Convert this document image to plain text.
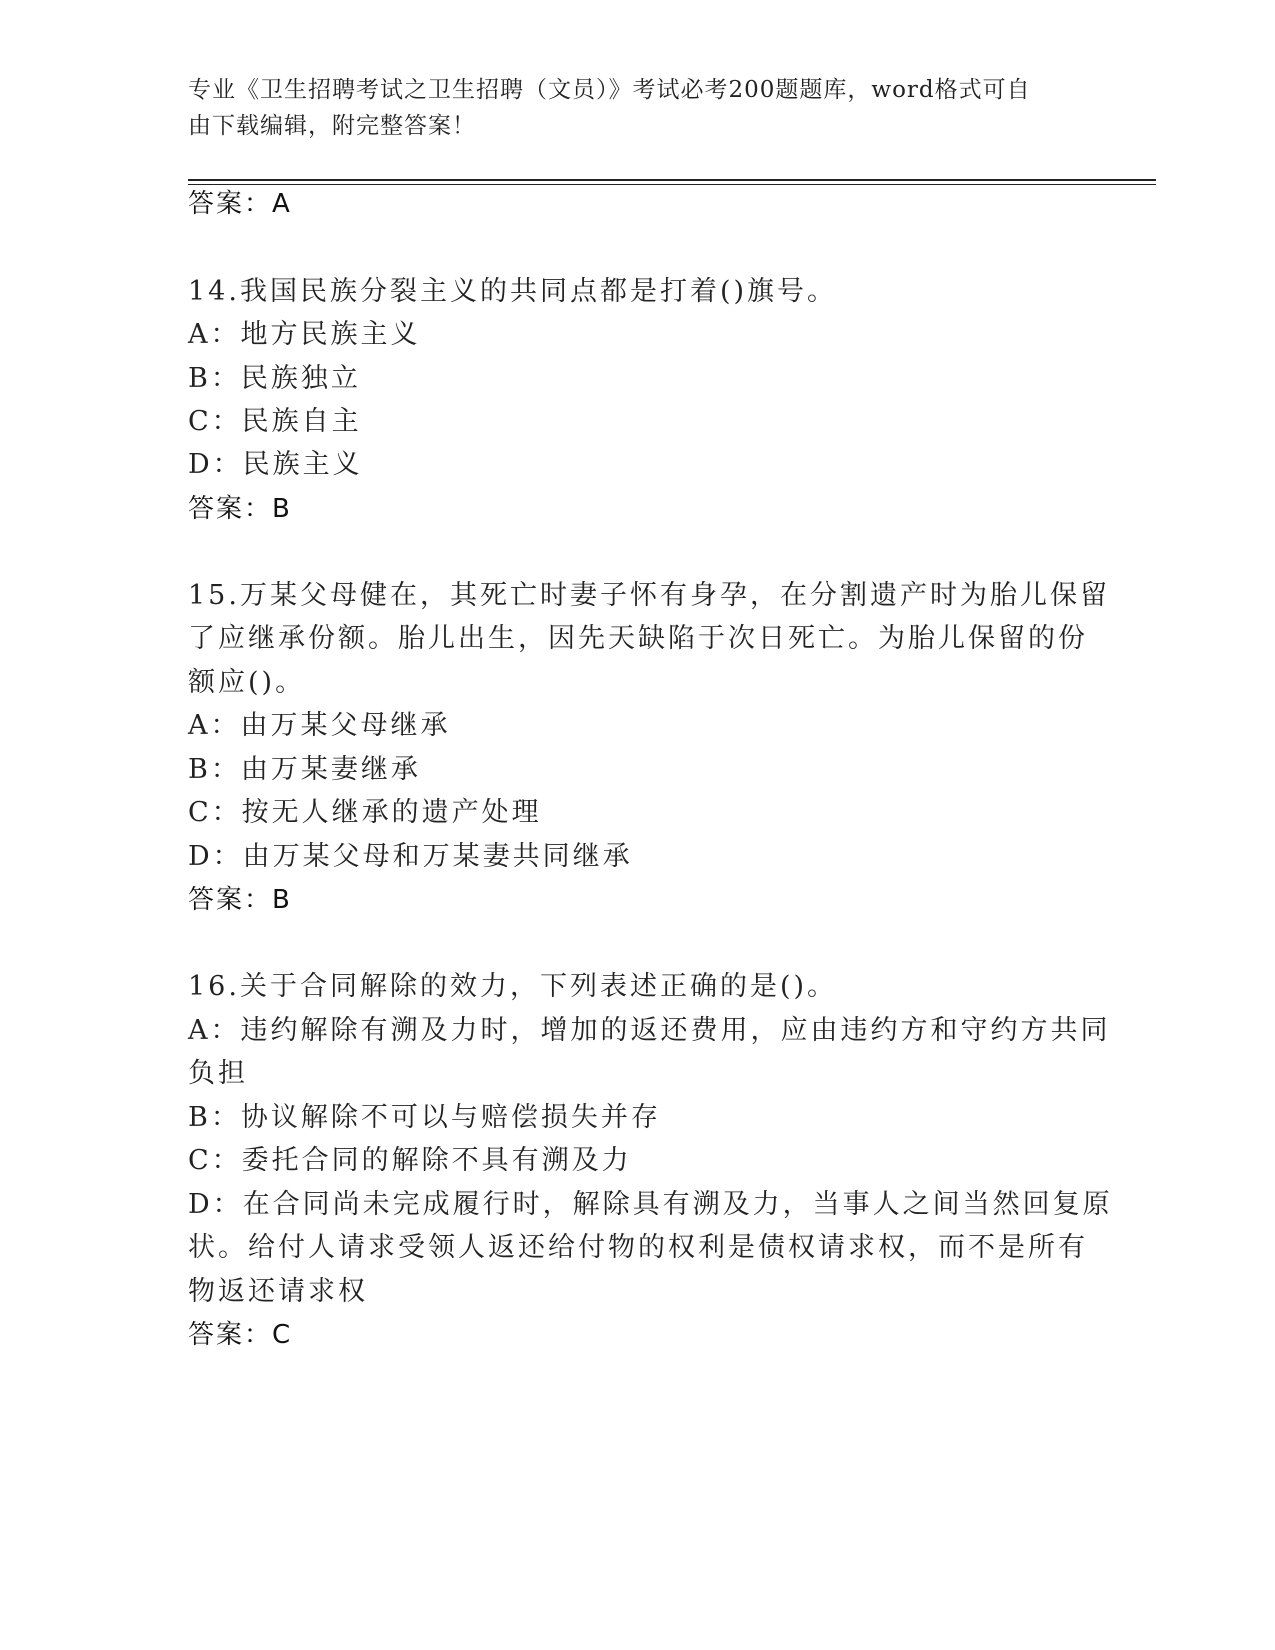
专业《卫生招聘考试之卫生招聘（文员）》考试必考200题题库，word格式可自
由下载编辑，附完整答案！
答案：A
14.我国民族分裂主义的共同点都是打着()旗号。
A：地方民族主义
B：民族独立
C：民族自主
D：民族主义
答案：B
15.万某父母健在，其死亡时妻子怀有身孕，在分割遗产时为胎儿保留
了应继承份额。胎儿出生，因先天缺陷于次日死亡。为胎儿保留的份
额应()。
A：由万某父母继承
B：由万某妻继承
C：按无人继承的遗产处理
D：由万某父母和万某妻共同继承
答案：B
16.关于合同解除的效力，下列表述正确的是()。
A：违约解除有溯及力时，增加的返还费用，应由违约方和守约方共同
负担
B：协议解除不可以与赔偿损失并存
C：委托合同的解除不具有溯及力
D：在合同尚未完成履行时，解除具有溯及力，当事人之间当然回复原
状。给付人请求受领人返还给付物的权利是债权请求权，而不是所有
物返还请求权
答案：C
